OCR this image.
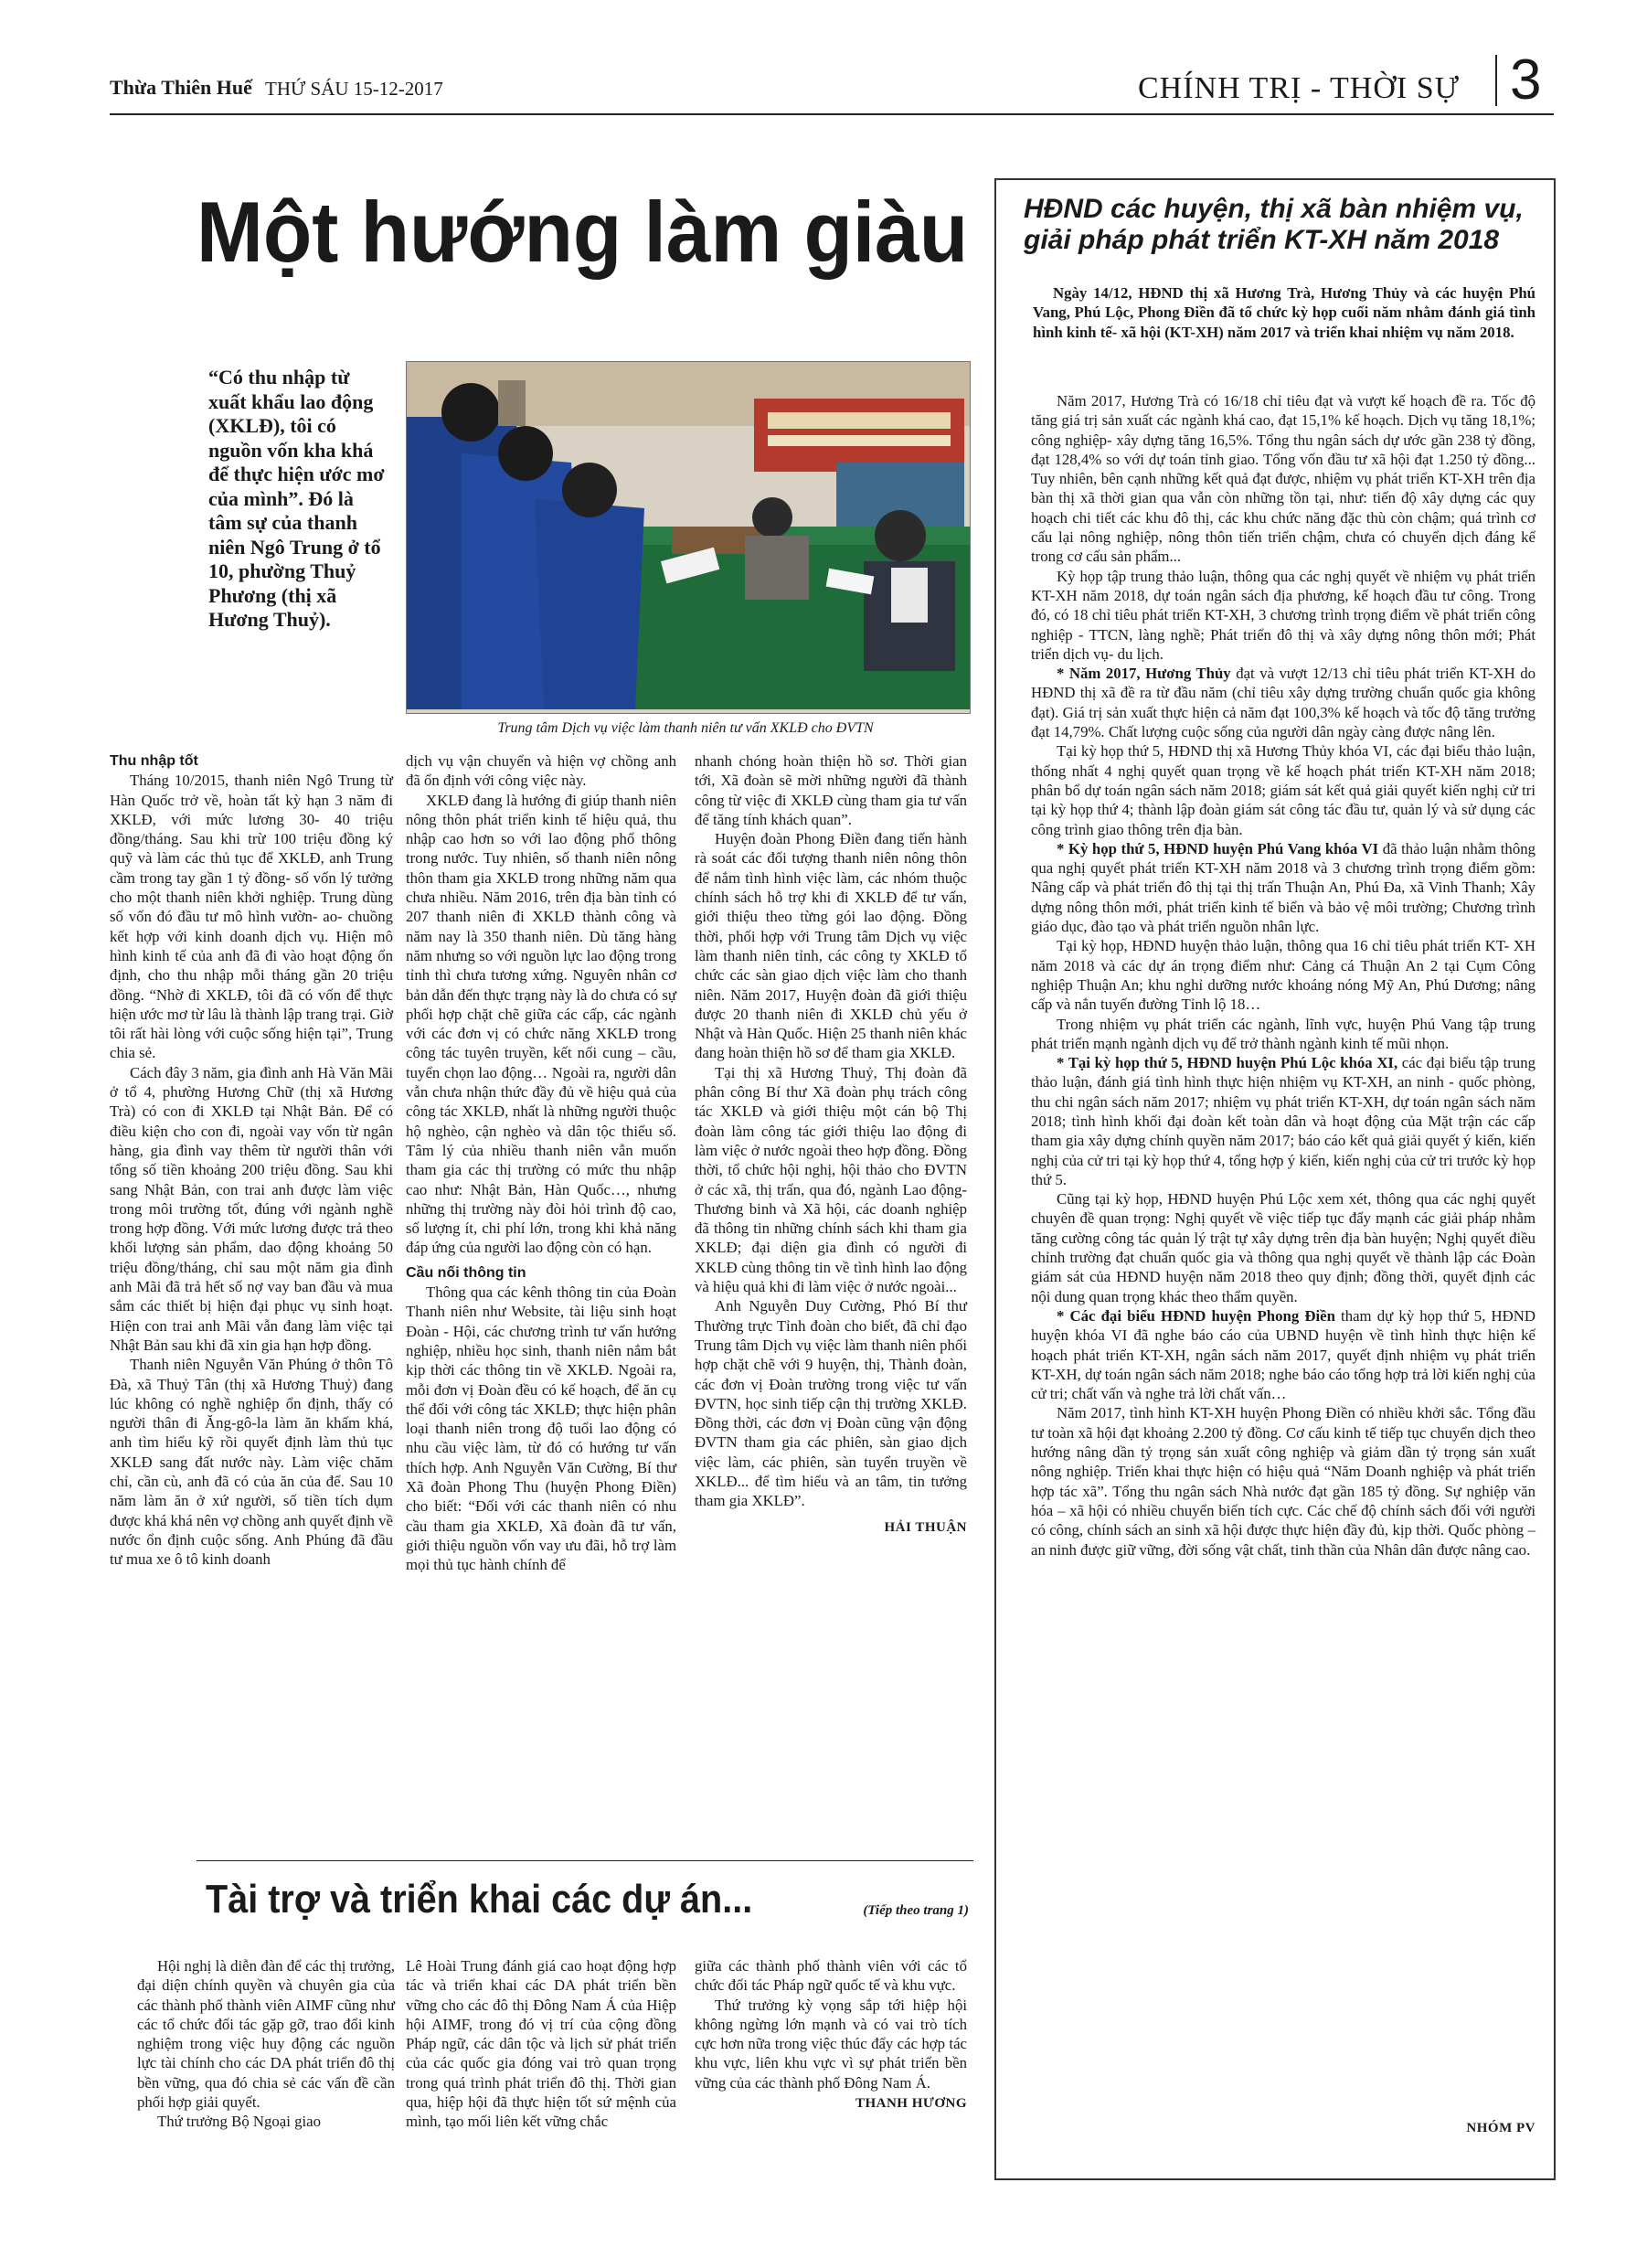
Thừa Thiên Huế THỨ SÁU 15-12-2017	CHÍNH TRỊ - THỜI SỰ 3
Một hướng làm giàu
“Có thu nhập từ xuất khẩu lao động (XKLĐ), tôi có nguồn vốn kha khá để thực hiện ước mơ của mình”. Đó là tâm sự của thanh niên Ngô Trung ở tổ 10, phường Thuỷ Phương (thị xã Hương Thuỷ).
Trung tâm Dịch vụ việc làm thanh niên tư vấn XKLĐ cho ĐVTN

Thu nhập tốt

Tháng 10/2015, thanh niên Ngô Trung từ Hàn Quốc trở về, hoàn tất kỳ hạn 3 năm đi XKLĐ, với mức lương 30- 40 triệu đồng/tháng. Sau khi trừ 100 triệu đồng ký quỹ và làm các thủ tục để XKLĐ, anh Trung cầm trong tay gần 1 tỷ đồng- số vốn lý tưởng cho một thanh niên khởi nghiệp. Trung dùng số vốn đó đầu tư mô hình vườn- ao- chuồng kết hợp với kinh doanh dịch vụ. Hiện mô hình kinh tế của anh đã đi vào hoạt động ổn định, cho thu nhập mỗi tháng gần 20 triệu đồng. “Nhờ đi XKLĐ, tôi đã có vốn để thực hiện ước mơ từ lâu là thành lập trang trại. Giờ tôi rất hài lòng với cuộc sống hiện tại”, Trung chia sẻ.

Cách đây 3 năm, gia đình anh Hà Văn Mãi ở tổ 4, phường Hương Chữ (thị xã Hương Trà) có con đi XKLĐ tại Nhật Bản. Để có điều kiện cho con đi, ngoài vay vốn từ ngân hàng, gia đình vay thêm từ người thân với tổng số tiền khoảng 200 triệu đồng. Sau khi sang Nhật Bản, con trai anh được làm việc trong môi trường tốt, đúng với ngành nghề trong hợp đồng. Với mức lương được trả theo khối lượng sản phẩm, dao động khoảng 50 triệu đồng/tháng, chỉ sau một năm gia đình anh Mãi đã trả hết số nợ vay ban đầu và mua sắm các thiết bị hiện đại phục vụ sinh hoạt. Hiện con trai anh Mãi vẫn đang làm việc tại Nhật Bản sau khi đã xin gia hạn hợp đồng.

Thanh niên Nguyễn Văn Phúng ở thôn Tô Đà, xã Thuỷ Tân (thị xã Hương Thuỷ) đang lúc không có nghề nghiệp ổn định, thấy có người thân đi Ăng-gô-la làm ăn khấm khá, anh tìm hiểu kỹ rồi quyết định làm thủ tục XKLĐ sang đất nước này. Làm việc chăm chỉ, cần cù, anh đã có của ăn của để. Sau 10 năm làm ăn ở xứ người, số tiền tích dụm được khá khá nên vợ chồng anh quyết định về nước ổn định cuộc sống. Anh Phúng đã đầu tư mua xe ô tô kinh doanh

dịch vụ vận chuyển và hiện vợ chồng anh đã ổn định với công việc này.

XKLĐ đang là hướng đi giúp thanh niên nông thôn phát triển kinh tế hiệu quả, thu nhập cao hơn so với lao động phổ thông trong nước. Tuy nhiên, số thanh niên nông thôn tham gia XKLĐ trong những năm qua chưa nhiều. Năm 2016, trên địa bàn tỉnh có 207 thanh niên đi XKLĐ thành công và năm nay là 350 thanh niên. Dù tăng hàng năm nhưng so với nguồn lực lao động trong tỉnh thì chưa tương xứng. Nguyên nhân cơ bản dẫn đến thực trạng này là do chưa có sự phối hợp chặt chẽ giữa các cấp, các ngành với các đơn vị có chức năng XKLĐ trong công tác tuyên truyền, kết nối cung – cầu, tuyển chọn lao động… Ngoài ra, người dân vẫn chưa nhận thức đầy đủ về hiệu quả của công tác XKLĐ, nhất là những người thuộc hộ nghèo, cận nghèo và dân tộc thiểu số. Tâm lý của nhiều thanh niên vẫn muốn tham gia các thị trường có mức thu nhập cao như: Nhật Bản, Hàn Quốc…, nhưng những thị trường này đòi hỏi trình độ cao, số lượng ít, chi phí lớn, trong khi khả năng đáp ứng của người lao động còn có hạn.

Cầu nối thông tin

Thông qua các kênh thông tin của Đoàn Thanh niên như Website, tài liệu sinh hoạt Đoàn - Hội, các chương trình tư vấn hướng nghiệp, nhiều học sinh, thanh niên nắm bắt kịp thời các thông tin về XKLĐ. Ngoài ra, mỗi đơn vị Đoàn đều có kế hoạch, để ăn cụ thể đối với công tác XKLĐ; thực hiện phân loại thanh niên trong độ tuổi lao động có nhu cầu việc làm, từ đó có hướng tư vấn thích hợp. Anh Nguyễn Văn Cường, Bí thư Xã đoàn Phong Thu (huyện Phong Điền) cho biết: “Đối với các thanh niên có nhu cầu tham gia XKLĐ, Xã đoàn đã tư vấn, giới thiệu nguồn vốn vay ưu đãi, hỗ trợ làm mọi thủ tục hành chính để

nhanh chóng hoàn thiện hồ sơ. Thời gian tới, Xã đoàn sẽ mời những người đã thành công từ việc đi XKLĐ cùng tham gia tư vấn để tăng tính khách quan”.

Huyện đoàn Phong Điền đang tiến hành rà soát các đối tượng thanh niên nông thôn để nắm tình hình việc làm, các nhóm thuộc chính sách hỗ trợ khi đi XKLĐ để tư vấn, giới thiệu theo từng gói lao động. Đồng thời, phối hợp với Trung tâm Dịch vụ việc làm thanh niên tỉnh, các công ty XKLĐ tổ chức các sàn giao dịch việc làm cho thanh niên. Năm 2017, Huyện đoàn đã giới thiệu được 20 thanh niên đi XKLĐ chủ yếu ở Nhật và Hàn Quốc. Hiện 25 thanh niên khác đang hoàn thiện hồ sơ để tham gia XKLĐ.

Tại thị xã Hương Thuỷ, Thị đoàn đã phân công Bí thư Xã đoàn phụ trách công tác XKLĐ và giới thiệu một cán bộ Thị đoàn làm công tác giới thiệu lao động đi làm việc ở nước ngoài theo hợp đồng. Đồng thời, tổ chức hội nghị, hội thảo cho ĐVTN ở các xã, thị trấn, qua đó, ngành Lao động- Thương binh và Xã hội, các doanh nghiệp đã thông tin những chính sách khi tham gia XKLĐ; đại diện gia đình có người đi XKLĐ cùng thông tin về tình hình lao động và hiệu quả khi đi làm việc ở nước ngoài...

Anh Nguyễn Duy Cường, Phó Bí thư Thường trực Tỉnh đoàn cho biết, đã chỉ đạo Trung tâm Dịch vụ việc làm thanh niên phối hợp chặt chẽ với 9 huyện, thị, Thành đoàn, các đơn vị Đoàn trường trong việc tư vấn ĐVTN, học sinh tiếp cận thị trường XKLĐ. Đồng thời, các đơn vị Đoàn cũng vận động ĐVTN tham gia các phiên, sàn giao dịch việc làm, các phiên, sàn tuyển truyền về XKLĐ... để tìm hiểu và an tâm, tin tưởng tham gia XKLĐ”.

HẢI THUẬN

Tài trợ và triển khai các dự án...	(Tiếp theo trang 1)

Hội nghị là diễn đàn để các thị trưởng, đại diện chính quyền và chuyên gia của các thành phố thành viên AIMF cũng như các tổ chức đối tác gặp gỡ, trao đổi kinh nghiệm trong việc huy động các nguồn lực tài chính cho các DA phát triển đô thị bền vững, qua đó chia sẻ các vấn đề cần phối hợp giải quyết.

Thứ trưởng Bộ Ngoại giao

Lê Hoài Trung đánh giá cao hoạt động hợp tác và triển khai các DA phát triển bền vững cho các đô thị Đông Nam Á của Hiệp hội AIMF, trong đó vị trí của cộng đồng Pháp ngữ, các dân tộc và lịch sử phát triển của các quốc gia đóng vai trò quan trọng trong quá trình phát triển đô thị. Thời gian qua, hiệp hội đã thực hiện tốt sứ mệnh của mình, tạo mối liên kết vững chắc

giữa các thành phố thành viên với các tổ chức đối tác Pháp ngữ quốc tế và khu vực.

Thứ trưởng kỳ vọng sắp tới hiệp hội không ngừng lớn mạnh và có vai trò tích cực hơn nữa trong việc thúc đẩy các hợp tác khu vực, liên khu vực vì sự phát triển bền vững của các thành phố Đông Nam Á.

THANH HƯƠNG

HĐND các huyện, thị xã bàn nhiệm vụ, giải pháp phát triển KT-XH năm 2018
Ngày 14/12, HĐND thị xã Hương Trà, Hương Thủy và các huyện Phú Vang, Phú Lộc, Phong Điền đã tổ chức kỳ họp cuối năm nhằm đánh giá tình hình kinh tế- xã hội (KT-XH) năm 2017 và triển khai nhiệm vụ năm 2018.

Năm 2017, Hương Trà có 16/18 chỉ tiêu đạt và vượt kế hoạch đề ra. Tốc độ tăng giá trị sản xuất các ngành khá cao, đạt 15,1% kế hoạch. Dịch vụ tăng 18,1%; công nghiệp- xây dựng tăng 16,5%. Tổng thu ngân sách dự ước gần 238 tỷ đồng, đạt 128,4% so với dự toán tỉnh giao. Tổng vốn đầu tư xã hội đạt 1.250 tỷ đồng... Tuy nhiên, bên cạnh những kết quả đạt được, nhiệm vụ phát triển KT-XH trên địa bàn thị xã thời gian qua vẫn còn những tồn tại, như: tiến độ xây dựng các quy hoạch chi tiết các khu đô thị, các khu chức năng đặc thù còn chậm; quá trình cơ cấu lại nông nghiệp, nông thôn tiến triển chậm, chưa có chuyển dịch đáng kể trong cơ cấu sản phẩm...

Kỳ họp tập trung thảo luận, thông qua các nghị quyết về nhiệm vụ phát triển KT-XH năm 2018, dự toán ngân sách địa phương, kế hoạch đầu tư công. Trong đó, có 18 chỉ tiêu phát triển KT-XH, 3 chương trình trọng điểm về phát triển công nghiệp - TTCN, làng nghề; Phát triển đô thị và xây dựng nông thôn mới; Phát triển dịch vụ- du lịch.

* Năm 2017, Hương Thủy đạt và vượt 12/13 chỉ tiêu phát triển KT-XH do HĐND thị xã đề ra từ đầu năm (chỉ tiêu xây dựng trường chuẩn quốc gia không đạt). Giá trị sản xuất thực hiện cả năm đạt 100,3% kế hoạch và tốc độ tăng trưởng đạt 14,79%. Chất lượng cuộc sống của người dân ngày càng được nâng lên.

Tại kỳ họp thứ 5, HĐND thị xã Hương Thủy khóa VI, các đại biểu thảo luận, thống nhất 4 nghị quyết quan trọng về kế hoạch phát triển KT-XH năm 2018; phân bổ dự toán ngân sách năm 2018; giám sát kết quả giải quyết kiến nghị cử tri tại kỳ họp thứ 4; thành lập đoàn giám sát công tác đầu tư, quản lý và sử dụng các công trình giao thông trên địa bàn.

* Kỳ họp thứ 5, HĐND huyện Phú Vang khóa VI đã thảo luận nhằm thông qua nghị quyết phát triển KT-XH năm 2018 và 3 chương trình trọng điểm gồm: Nâng cấp và phát triển đô thị tại thị trấn Thuận An, Phú Đa, xã Vinh Thanh; Xây dựng nông thôn mới, phát triển kinh tế biển và bảo vệ môi trường; Chương trình giáo dục, đào tạo và phát triển nguồn nhân lực.

Tại kỳ họp, HĐND huyện thảo luận, thông qua 16 chỉ tiêu phát triển KT- XH năm 2018 và các dự án trọng điểm như: Cảng cá Thuận An 2 tại Cụm Công nghiệp Thuận An; khu nghỉ dưỡng nước khoáng nóng Mỹ An, Phú Dương; nâng cấp và nắn tuyến đường Tỉnh lộ 18…

Trong nhiệm vụ phát triển các ngành, lĩnh vực, huyện Phú Vang tập trung phát triển mạnh ngành dịch vụ để trở thành ngành kinh tế mũi nhọn.

* Tại kỳ họp thứ 5, HĐND huyện Phú Lộc khóa XI, các đại biểu tập trung thảo luận, đánh giá tình hình thực hiện nhiệm vụ KT-XH, an ninh - quốc phòng, thu chi ngân sách năm 2017; nhiệm vụ phát triển KT-XH, dự toán ngân sách năm 2018; tình hình khối đại đoàn kết toàn dân và hoạt động của Mặt trận các cấp tham gia xây dựng chính quyền năm 2017; báo cáo kết quả giải quyết ý kiến, kiến nghị của cử tri tại kỳ họp thứ 4, tổng hợp ý kiến, kiến nghị của cử tri trước kỳ họp thứ 5.

Cũng tại kỳ họp, HĐND huyện Phú Lộc xem xét, thông qua các nghị quyết chuyên đề quan trọng: Nghị quyết về việc tiếp tục đẩy mạnh các giải pháp nhằm tăng cường công tác quản lý trật tự xây dựng trên địa bàn huyện; Nghị quyết điều chỉnh trường đạt chuẩn quốc gia và thông qua nghị quyết về thành lập các Đoàn giám sát của HĐND huyện năm 2018 theo quy định; đồng thời, quyết định các nội dung quan trọng khác theo thẩm quyền.

* Các đại biểu HĐND huyện Phong Điền tham dự kỳ họp thứ 5, HĐND huyện khóa VI đã nghe báo cáo của UBND huyện về tình hình thực hiện kế hoạch phát triển KT-XH, ngân sách năm 2017, quyết định nhiệm vụ phát triển KT-XH, dự toán ngân sách năm 2018; nghe báo cáo tổng hợp trả lời kiến nghị của cử tri; chất vấn và nghe trả lời chất vấn…

Năm 2017, tình hình KT-XH huyện Phong Điền có nhiều khởi sắc. Tổng đầu tư toàn xã hội đạt khoảng 2.200 tỷ đồng. Cơ cấu kinh tế tiếp tục chuyển dịch theo hướng nâng dần tỷ trọng sản xuất công nghiệp và giảm dần tỷ trọng sản xuất nông nghiệp. Triển khai thực hiện có hiệu quả “Năm Doanh nghiệp và phát triển hợp tác xã”. Tổng thu ngân sách Nhà nước đạt gần 185 tỷ đồng. Sự nghiệp văn hóa – xã hội có nhiều chuyển biến tích cực. Các chế độ chính sách đối với người có công, chính sách an sinh xã hội được thực hiện đầy đủ, kịp thời. Quốc phòng – an ninh được giữ vững, đời sống vật chất, tinh thần của Nhân dân được nâng cao.

NHÓM PV
